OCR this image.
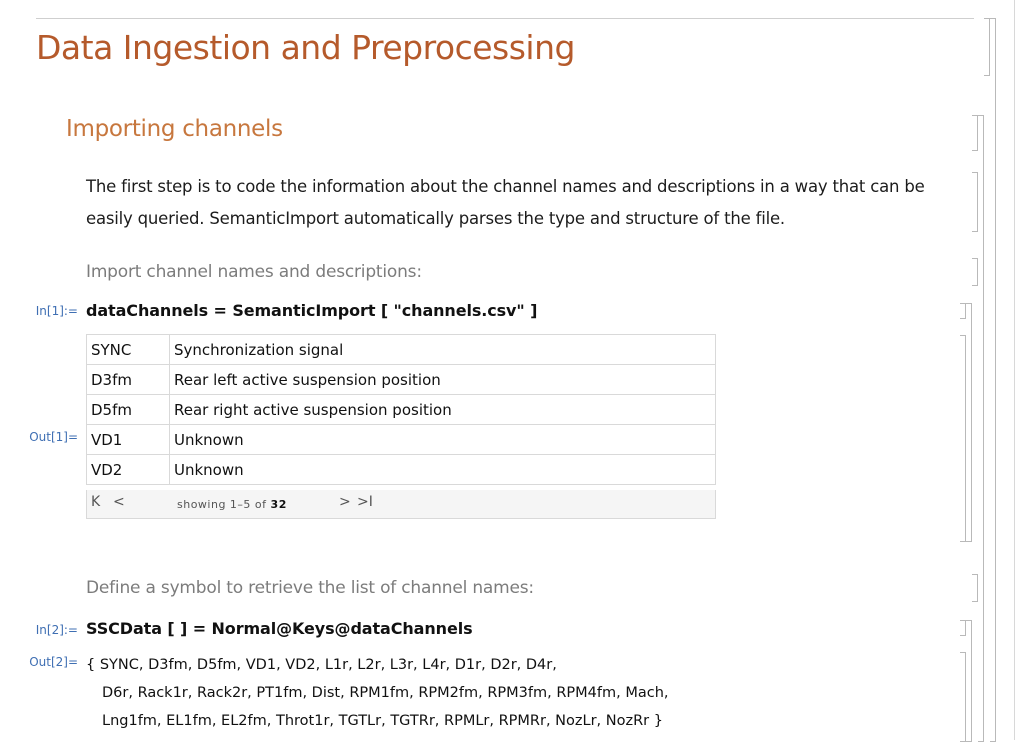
Data Ingestion and Preprocessing
Importing channels
The first step is to code the information about the channel names and descriptions in a way that can be
easily queried. SemanticImport automatically parses the type and structure of the file.
Import channel names and descriptions:
In[1]:= dataChannels = SemanticImport [ "channels.csv" ]
Out[1]=
SYNC	Synchronization signal
D3fm	Rear left active suspension position
D5fm	Rear right active suspension position
VD1	Unknown
VD2	Unknown
K <	showing 1–5 of 32	> >I
Define a symbol to retrieve the list of channel names:
In[2]:= SSCData [ ] = Normal@Keys@dataChannels
Out[2]= { SYNC, D3fm, D5fm, VD1, VD2, L1r, L2r, L3r, L4r, D1r, D2r, D4r,
D6r, Rack1r, Rack2r, PT1fm, Dist, RPM1fm, RPM2fm, RPM3fm, RPM4fm, Mach,
Lng1fm, EL1fm, EL2fm, Throt1r, TGTLr, TGTRr, RPMLr, RPMRr, NozLr, NozRr }
